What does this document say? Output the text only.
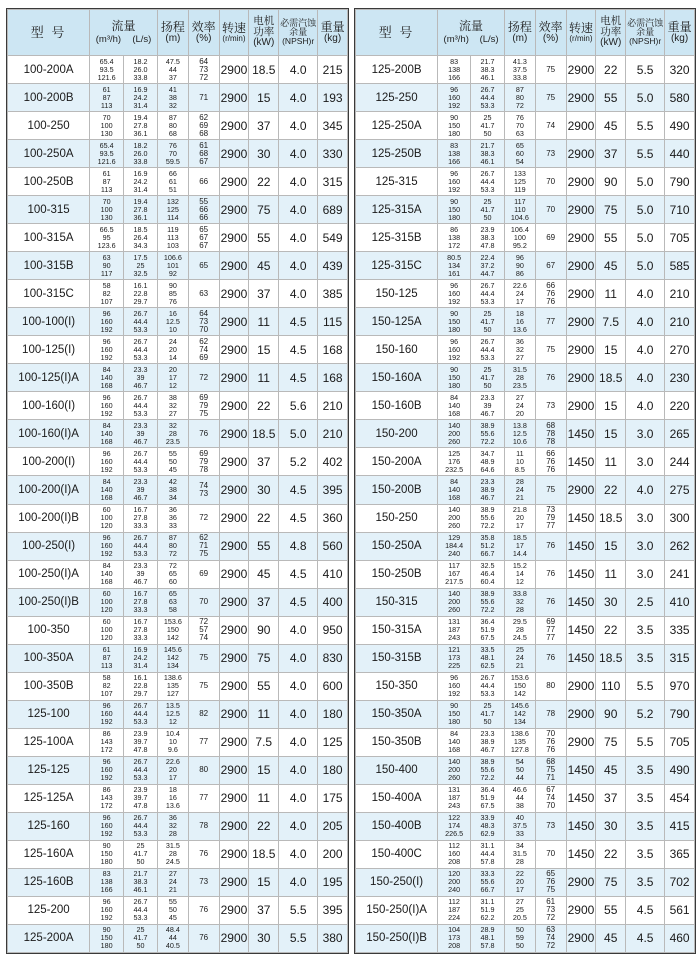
型 号	流量
(m³/h) (L/s)		扬程
(m)	效率
(%)	转速
(r/min)	电机功率
(kW)	必需汽蚀余量
(NPSH)r	重量
(kg)

100-200A	65.4
93.5
121.6	18.2
26.0
33.8	47.5
44
37	64
73
72	2900	18.5	4.0	215
100-200B	61
87
113	16.9
24.2
31.4	41
38
32	71	2900	15	4.0	193
100-250	70
100
130	19.4
27.8
36.1	87
80
68	62
69
68	2900	37	4.0	345
100-250A	65.4
93.5
121.6	18.2
26.0
33.8	76
70
59.5	61
68
67	2900	30	4.0	330
100-250B	61
87
113	16.9
24.2
31.4	66
61
51	66	2900	22	4.0	315
100-315	70
100
130	19.4
27.8
36.1	132
125
114	55
66
66	2900	75	4.0	689
100-315A	66.5
95
123.6	18.5
26.4
34.3	119
113
103	65
67
67	2900	55	4.0	549
100-315B	63
90
117	17.5
25
32.5	106.6
101
92	65	2900	45	4.0	439
100-315C	58
82
107	16.1
22.8
29.7	90
85
76	63	2900	37	4.0	385
100-100(I)	96
160
192	26.7
44.4
53.3	16
12.5
10	64
73
70	2900	11	4.5	115
100-125(I)	96
160
192	26.7
44.4
53.3	24
20
14	62
74
69	2900	15	4.5	168
100-125(I)A	84
140
168	23.3
39
46.7	20
17
12	72	2900	11	4.5	168
100-160(I)	96
160
192	26.7
44.4
53.3	38
32
27	69
79
75	2900	22	5.6	210
100-160(I)A	84
140
168	23.3
39
46.7	32
28
23.5	76	2900	18.5	5.0	210
100-200(I)	96
160
192	26.7
44.4
53.3	55
50
45	69
79
78	2900	37	5.2	402
100-200(I)A	84
140
168	23.3
39
46.7	42
38
34	74
73	2900	30	4.5	395
100-200(I)B	60
100
120	16.7
27.8
33.3	36
36
33	72	2900	22	4.5	360
100-250(I)	96
160
192	26.7
44.4
53.3	87
80
72	62
71
75	2900	55	4.8	560
100-250(I)A	84
140
168	23.3
39
46.7	72
65
60	69	2900	45	4.5	410
100-250(I)B	60
100
120	16.7
27.8
33.3	65
63
58	70	2900	37	4.5	400
100-350	60
100
120	16.7
27.8
33.3	153.6
150
142	72
57
74	2900	90	4.0	950
100-350A	61
87
113	16.9
24.2
31.4	145.6
142
134	75	2900	75	4.0	830
100-350B	58
82
107	16.1
22.8
29.7	138.6
135
127	75	2900	55	4.0	600
125-100	96
160
192	26.7
44.4
53.3	13.5
12.5
12	82	2900	11	4.0	180
125-100A	86
143
172	23.9
39.7
47.8	10.4
10
9.6	77	2900	7.5	4.0	125
125-125	96
160
192	26.7
44.4
53.3	22.6
20
17	80	2900	15	4.0	180
125-125A	86
143
172	23.9
39.7
47.8	18
16
13.6	77	2900	11	4.0	175
125-160	96
160
192	26.7
44.4
53.3	36
32
28	78	2900	22	4.0	205
125-160A	90
150
180	25
41.7
50	31.5
28
24.5	76	2900	18.5	4.0	200
125-160B	83
138
166	21.7
38.3
46.1	27
24
21	73	2900	15	4.0	195
125-200	96
160
192	26.7
44.4
53.3	55
50
45	76	2900	37	5.5	395
125-200A	90
150
180	25
41.7
50	48.4
44
40.5	76	2900	30	5.5	380
型 号	流量
(m³/h) (L/s)		扬程
(m)	效率
(%)	转速
(r/min)	电机功率
(kW)	必需汽蚀余量
(NPSH)r	重量
(kg)

125-200B	83
138
166	21.7
38.3
46.1	41.3
37.5
33.8	75	2900	22	5.5	320
125-250	96
160
192	26.7
44.4
53.3	87
80
72	75	2900	55	5.0	580
125-250A	90
150
180	25
41.7
50	76
70
63	74	2900	45	5.5	490
125-250B	83
138
166	21.7
38.3
46.1	65
60
54	73	2900	37	5.5	440
125-315	96
160
192	26.7
44.4
53.3	133
125
119	70	2900	90	5.0	790
125-315A	90
150
180	25
41.7
50	117
110
104.6	70	2900	75	5.0	710
125-315B	86
138
172	23.9
38.3
47.8	106.4
100
95.2	69	2900	55	5.0	705
125-315C	80.5
134
161	22.4
37.2
44.7	96
90
86	67	2900	45	5.0	585
150-125	96
160
192	26.7
44.4
53.3	22.6
24
17	66
76
76	2900	11	4.0	210
150-125A	90
150
180	25
41.7
50	18
16
13.6	77	2900	7.5	4.0	210
150-160	96
160
192	26.7
44.4
53.3	36
32
27	75	2900	15	4.0	270
150-160A	90
150
180	25
41.7
50	31.5
28
23.5	76	2900	18.5	4.0	230
150-160B	84
140
168	23.3
39
46.7	27
24
20	73	2900	15	4.0	220
150-200	140
200
260	38.9
55.6
72.2	13.8
12.5
10.6	68
78
78	1450	15	3.0	265
150-200A	125
176
232.5	34.7
48.9
64.6	11
10
8.5	66
76
76	1450	11	3.0	244
150-200B	84
140
168	23.3
38.9
46.7	28
24
21	75	2900	22	4.0	275
150-250	140
200
260	38.9
55.6
72.2	21.8
20
17	73
79
77	1450	18.5	3.0	300
150-250A	129
184.4
240	35.8
51.2
66.7	18.5
17
14.4	76	1450	15	3.0	262
150-250B	117
167
217.5	32.5
46.4
60.4	15.2
14
12	76	1450	11	3.0	241
150-315	140
200
260	38.9
55.6
72.2	33.8
32
28	76	1450	30	2.5	410
150-315A	131
187
243	36.4
51.9
67.5	29.5
28
24.5	69
77
77	1450	22	3.5	335
150-315B	121
173
225	33.5
48.1
62.5	25
24
21	76	1450	18.5	3.5	315
150-350	96
160
192	26.7
44.4
53.3	153.6
150
142	80	2900	110	5.5	970
150-350A	90
150
180	25
41.7
50	145.6
142
134	78	2900	90	5.2	790
150-350B	84
140
168	23.3
38.9
46.7	138.6
135
127.8	70
76
76	2900	75	5.5	705
150-400	140
200
260	38.9
55.6
72.2	54
50
44	68
75
71	1450	45	3.5	490
150-400A	131
187
243	36.4
51.9
67.5	46.6
44
38	67
74
70	1450	37	3.5	454
150-400B	122
174
226.5	33.9
48.3
62.9	40
37.5
33	73	1450	30	3.5	415
150-400C	112
160
208	31.1
44.4
57.8	34
31.5
28	70	1450	22	3.5	365
150-250(I)	120
200
240	33.3
55.6
66.7	22
20
17	65
76
75	2900	75	3.5	702
150-250(I)A	112
187
224	31.1
51.9
62.2	27
25
20.5	61
73
72	2900	55	4.5	561
150-250(I)B	104
173
208	28.9
48.1
57.8	50
59
50	63
74
72	2900	45	4.5	460
